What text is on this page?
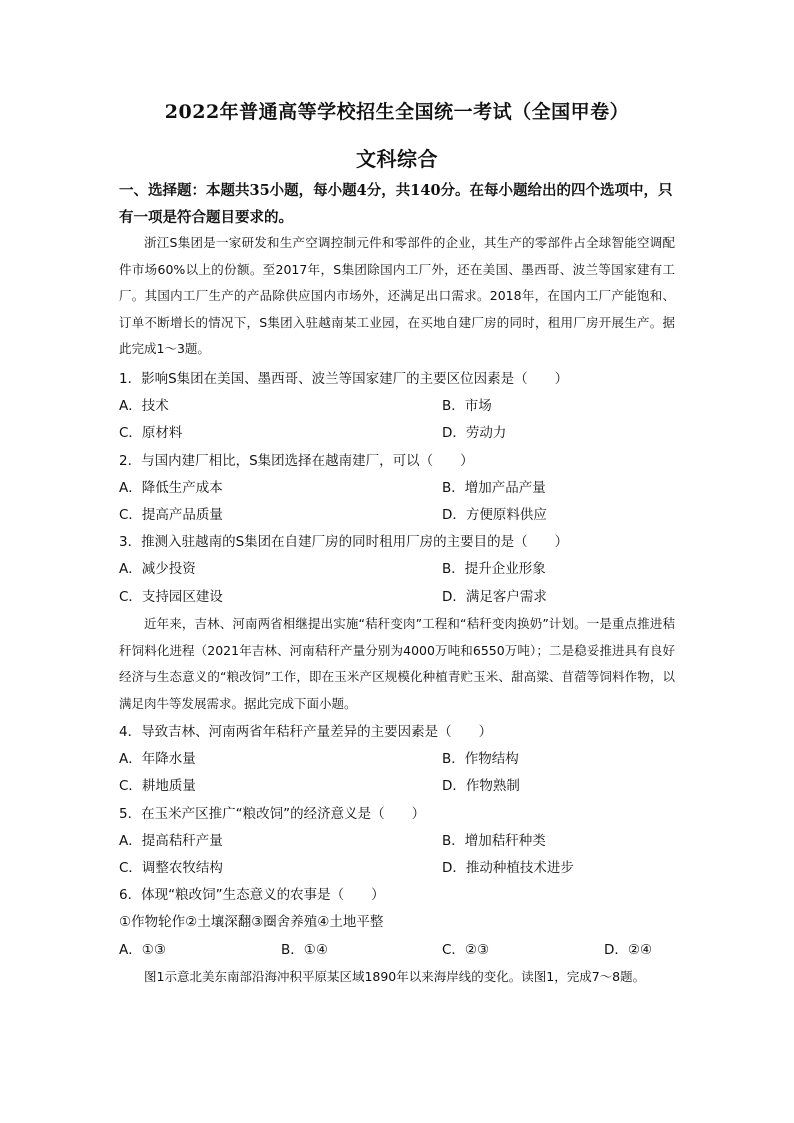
2022年普通高等学校招生全国统一考试（全国甲卷）
文科综合
一、选择题：本题共35小题，每小题4分，共140分。在每小题给出的四个选项中，只有一项是符合题目要求的。
浙江S集团是一家研发和生产空调控制元件和零部件的企业，其生产的零部件占全球智能空调配件市场60%以上的份额。至2017年，S集团除国内工厂外，还在美国、墨西哥、波兰等国家建有工厂。其国内工厂生产的产品除供应国内市场外，还满足出口需求。2018年，在国内工厂产能饱和、订单不断增长的情况下，S集团入驻越南某工业园，在买地自建厂房的同时，租用厂房开展生产。据此完成1～3题。
1．影响S集团在美国、墨西哥、波兰等国家建厂的主要区位因素是（　　）
A．技术	B．市场
C．原材料	D．劳动力
2．与国内建厂相比，S集团选择在越南建厂，可以（　　）
A．降低生产成本	B．增加产品产量
C．提高产品质量	D．方便原料供应
3．推测入驻越南的S集团在自建厂房的同时租用厂房的主要目的是（　　）
A．减少投资	B．提升企业形象
C．支持园区建设	D．满足客户需求
近年来，吉林、河南两省相继提出实施“秸秆变肉”工程和“秸秆变肉换奶”计划。一是重点推进秸秆饲料化进程（2021年吉林、河南秸秆产量分别为4000万吨和6550万吨）；二是稳妥推进具有良好经济与生态意义的“粮改饲”工作，即在玉米产区规模化种植青贮玉米、甜高粱、苜蓿等饲料作物，以满足肉牛等发展需求。据此完成下面小题。
4．导致吉林、河南两省年秸秆产量差异的主要因素是（　　）
A．年降水量	B．作物结构
C．耕地质量	D．作物熟制
5．在玉米产区推广“粮改饲”的经济意义是（　　）
A．提高秸秆产量	B．增加秸秆种类
C．调整农牧结构	D．推动种植技术进步
6．体现“粮改饲”生态意义的农事是（　　）
①作物轮作②土壤深翻③圈舍养殖④土地平整
A．①③	B．①④	C．②③	D．②④
图1示意北美东南部沿海冲积平原某区域1890年以来海岸线的变化。读图1，完成7～8题。
